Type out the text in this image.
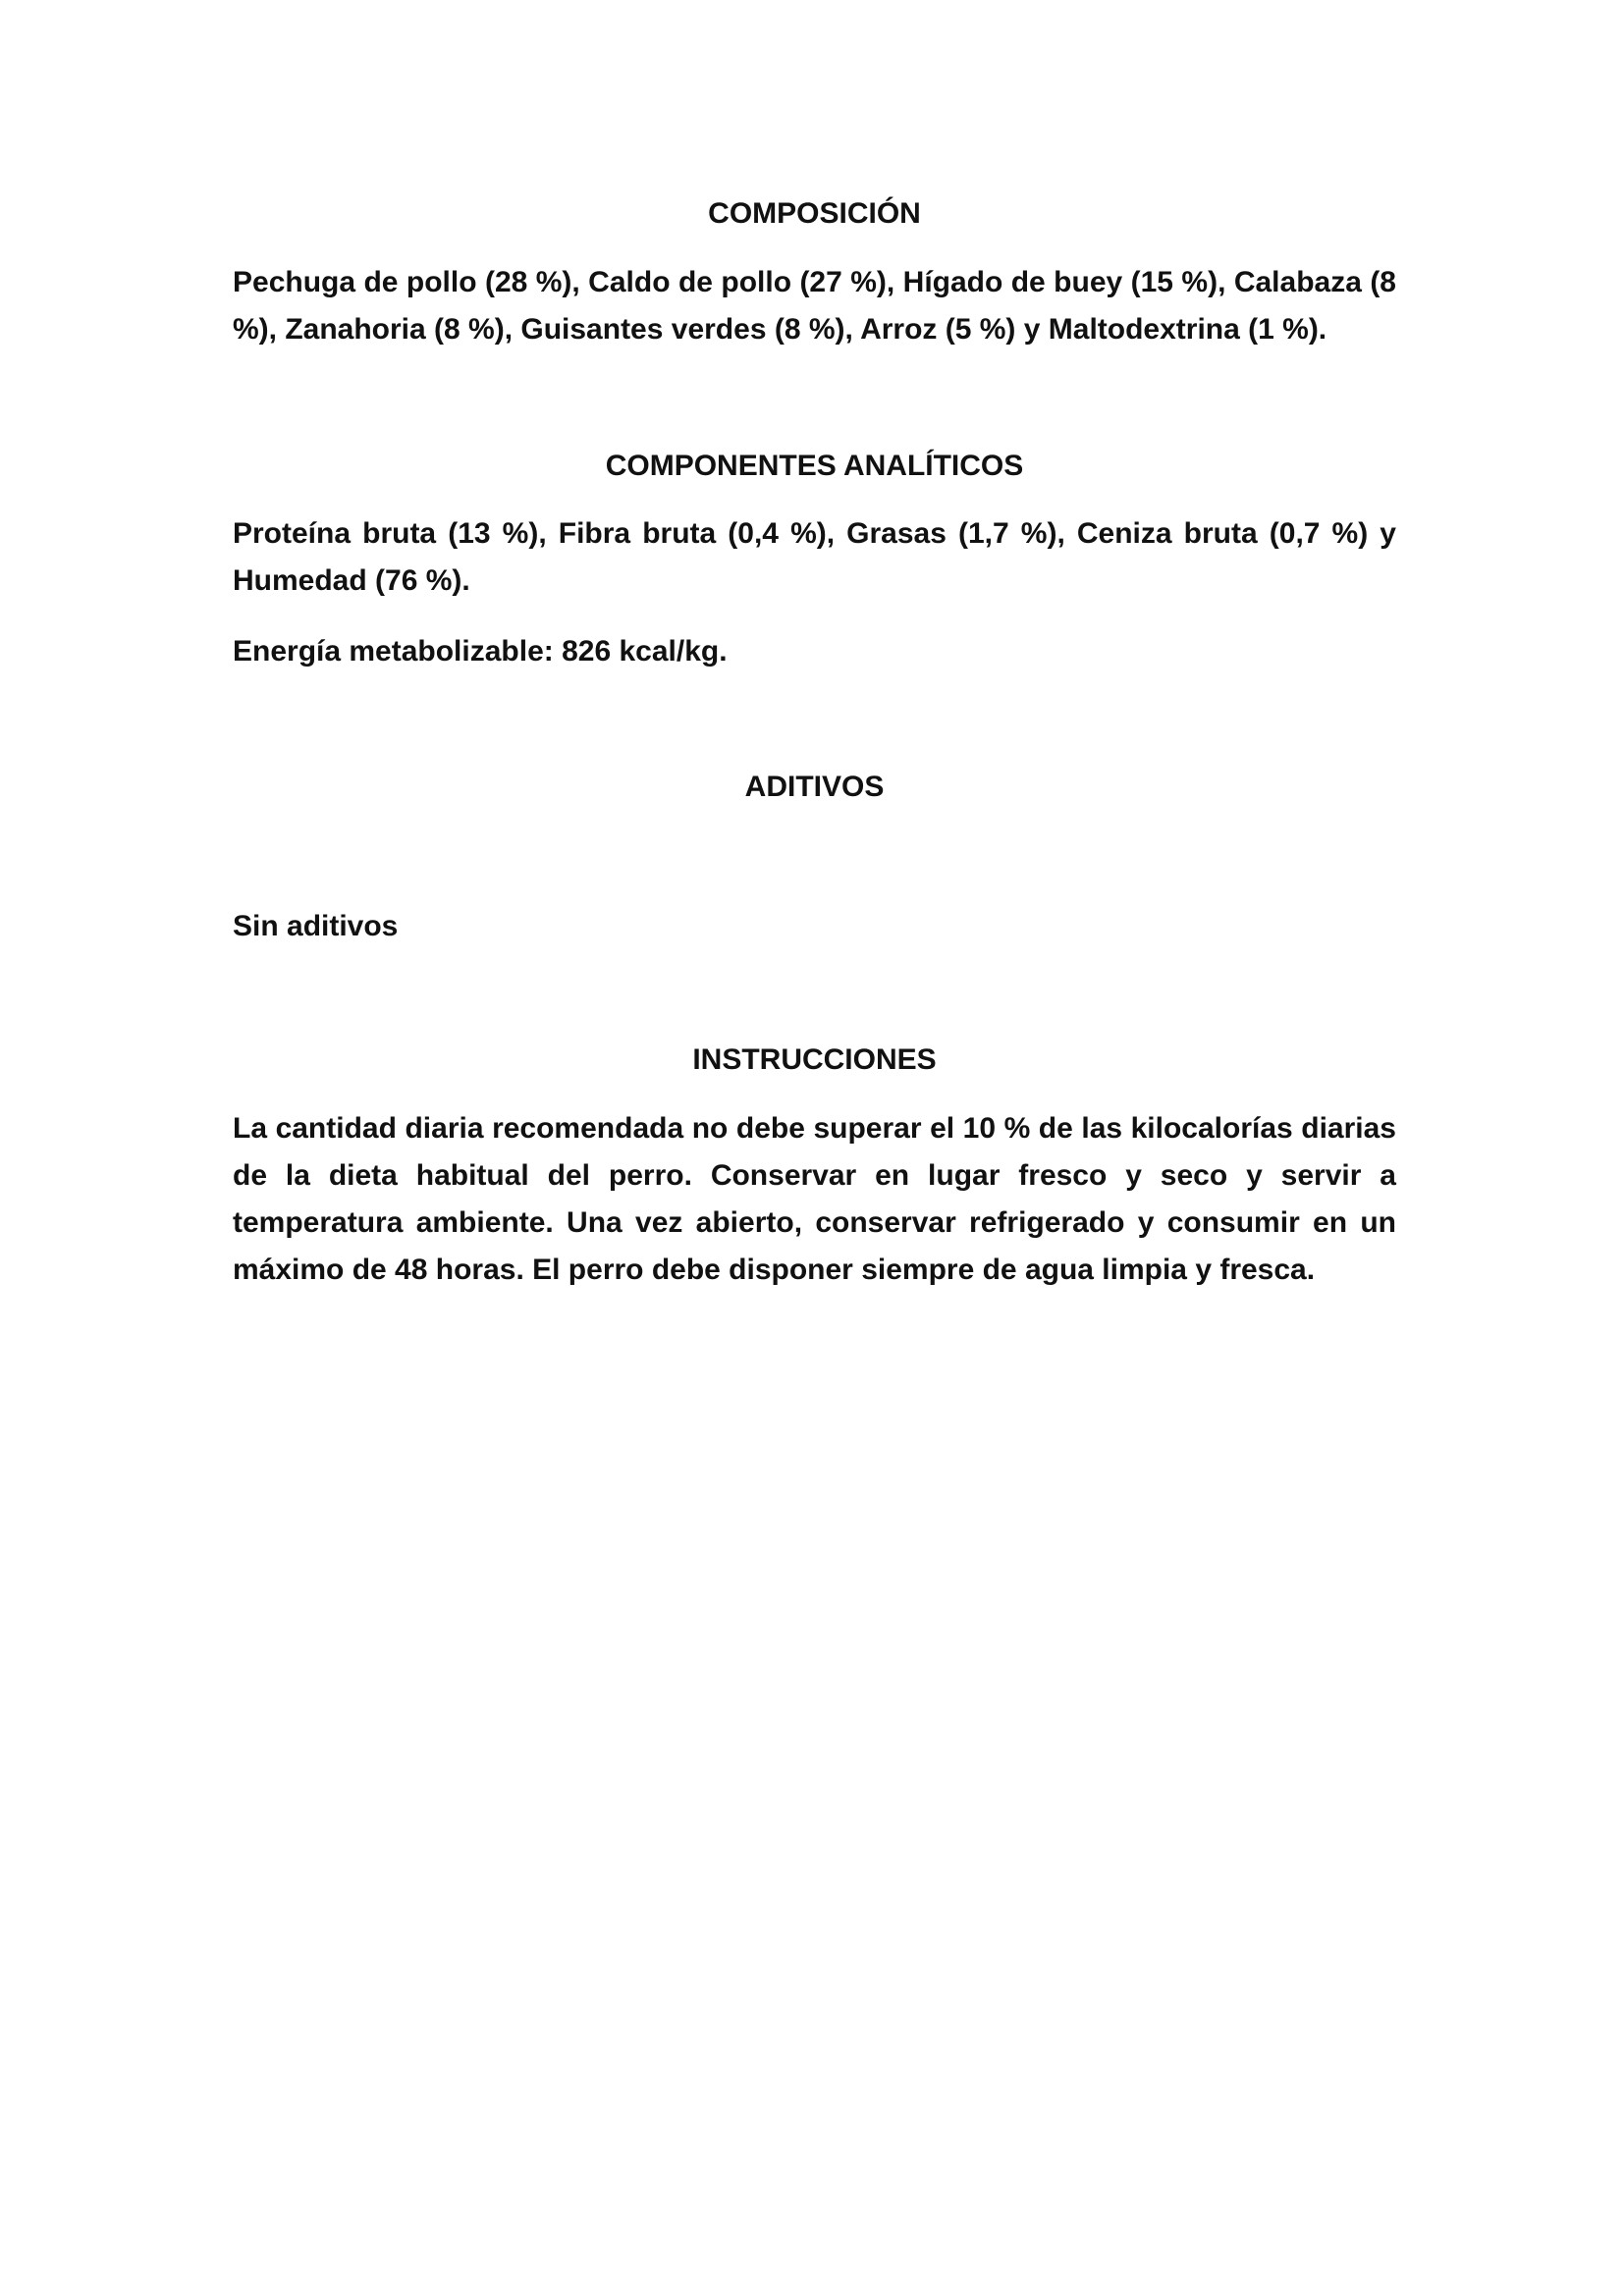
COMPOSICIÓN

Pechuga de pollo (28 %), Caldo de pollo (27 %), Hígado de buey (15 %), Calabaza (8 %), Zanahoria (8 %), Guisantes verdes (8 %), Arroz (5 %) y Maltodextrina (1 %).

COMPONENTES ANALÍTICOS

Proteína bruta (13 %), Fibra bruta (0,4 %), Grasas (1,7 %), Ceniza bruta (0,7 %) y Humedad (76 %).

Energía metabolizable: 826 kcal/kg.

ADITIVOS

Sin aditivos

INSTRUCCIONES

La cantidad diaria recomendada no debe superar el 10 % de las kilocalorías diarias de la dieta habitual del perro. Conservar en lugar fresco y seco y servir a temperatura ambiente. Una vez abierto, conservar refrigerado y consumir en un máximo de 48 horas. El perro debe disponer siempre de agua limpia y fresca.
